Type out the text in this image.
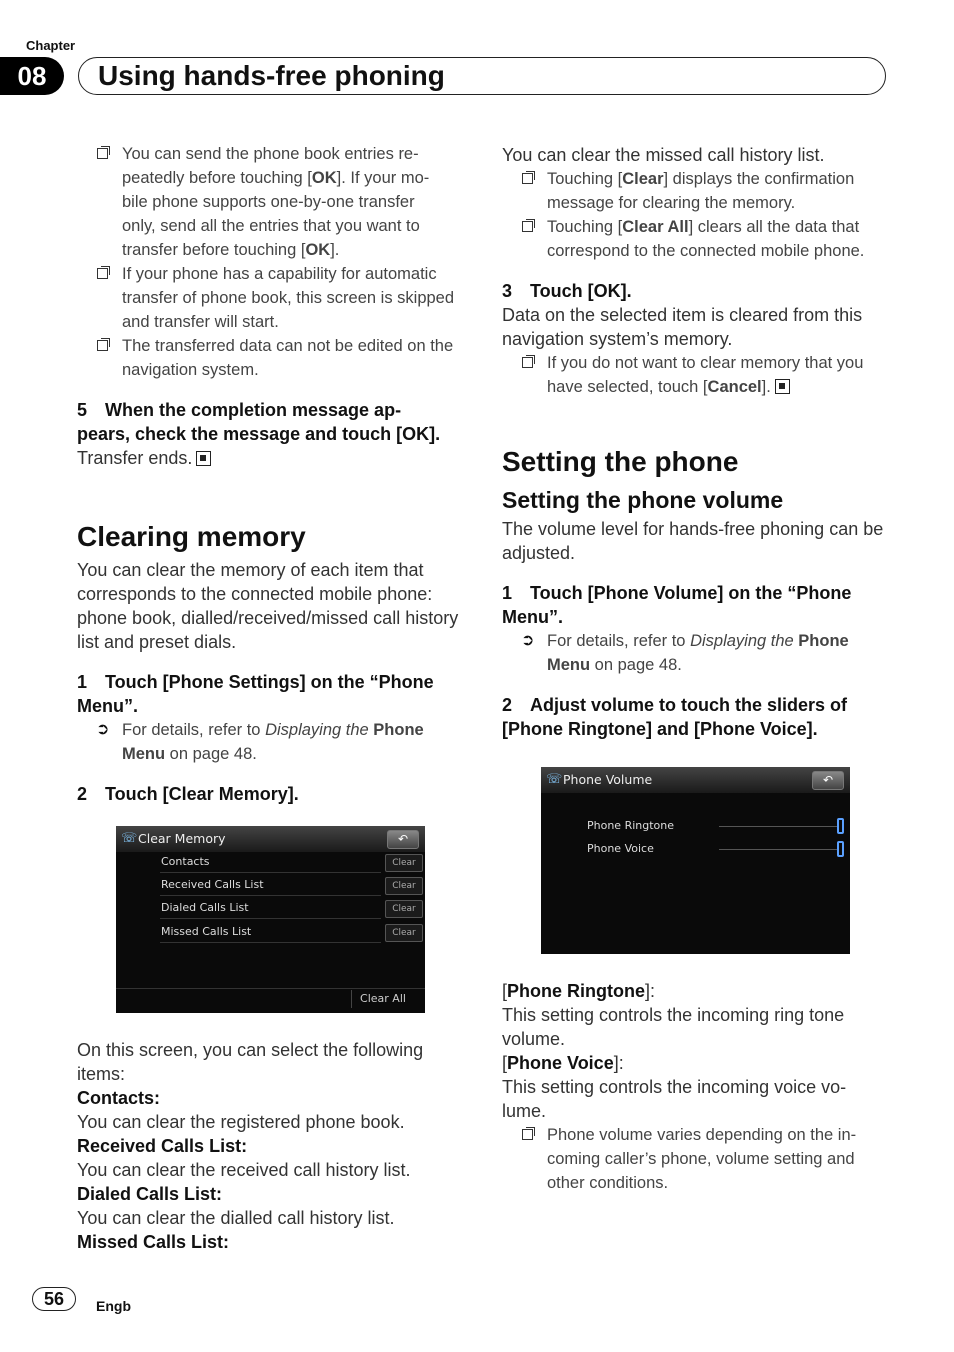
Chapter
08	Using hands-free phoning

You can send the phone book entries re-
peatedly before touching [OK]. If your mo-
bile phone supports one-by-one transfer
only, send all the entries that you want to
transfer before touching [OK].

If your phone has a capability for automatic transfer of phone book, this screen is skipped and transfer will start.

The transferred data can not be edited on the navigation system.

5 When the completion message ap-
pears, check the message and touch [OK].

Transfer ends.

Clearing memory

You can clear the memory of each item that corresponds to the connected mobile phone: phone book, dialled/received/missed call history list and preset dials.

1 Touch [Phone Settings] on the “Phone
Menu”.

➲ For details, refer to Displaying the Phone
Menu on page 48.

2 Touch [Clear Memory].

☏ Clear Memory	↶
Contacts	Clear
Received Calls List	Clear
Dialed Calls List	Clear
Missed Calls List	Clear
Clear All

On this screen, you can select the following
items:

Contacts:

You can clear the registered phone book.

Received Calls List:

You can clear the received call history list.

Dialed Calls List:

You can clear the dialled call history list.

Missed Calls List:

You can clear the missed call history list.

Touching [Clear] displays the confirmation message for clearing the memory.

Touching [Clear All] clears all the data that correspond to the connected mobile phone.

3 Touch [OK].

Data on the selected item is cleared from this navigation system’s memory.

If you do not want to clear memory that you have selected, touch [Cancel].

Setting the phone
Setting the phone volume

The volume level for hands-free phoning can be adjusted.

1 Touch [Phone Volume] on the “Phone
Menu”.

➲ For details, refer to Displaying the Phone
Menu on page 48.

2 Adjust volume to touch the sliders of
[Phone Ringtone] and [Phone Voice].

☏ Phone Volume	↶
Phone Ringtone
Phone Voice

[Phone Ringtone]:

This setting controls the incoming ring tone volume.

[Phone Voice]:

This setting controls the incoming voice vo- lume.

Phone volume varies depending on the in- coming caller’s phone, volume setting and other conditions.

56	Engb
